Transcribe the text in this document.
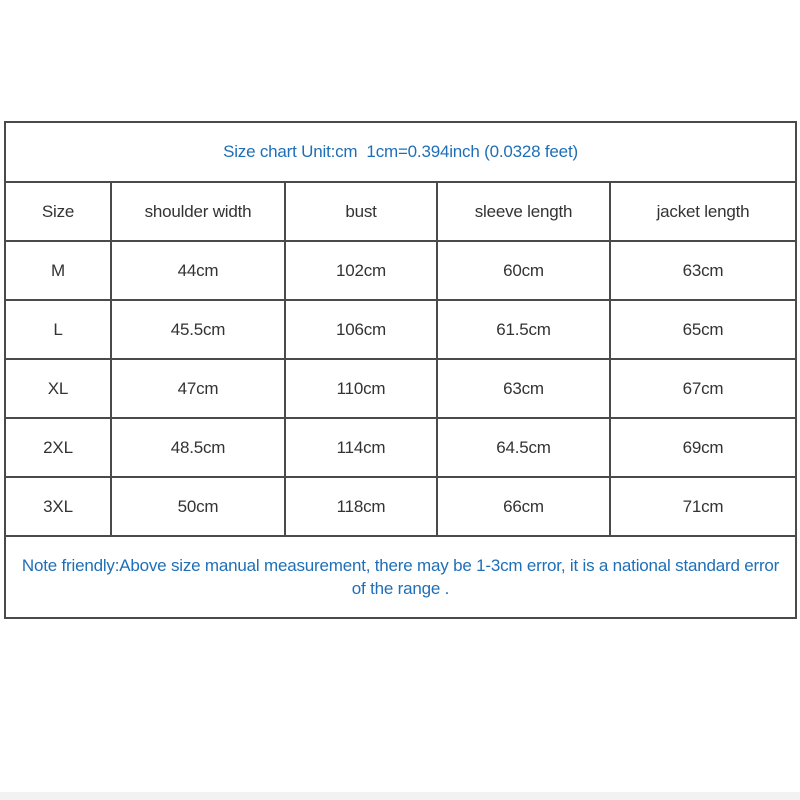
Size chart Unit:cm  1cm=0.394inch (0.0328 feet)				
Size	shoulder width	bust	sleeve length	jacket length
M	44cm	102cm	60cm	63cm
L	45.5cm	106cm	61.5cm	65cm
XL	47cm	110cm	63cm	67cm
2XL	48.5cm	114cm	64.5cm	69cm
3XL	50cm	118cm	66cm	71cm
Note friendly:Above size manual measurement, there may be 1-3cm error, it is a national standard error of the range .				
